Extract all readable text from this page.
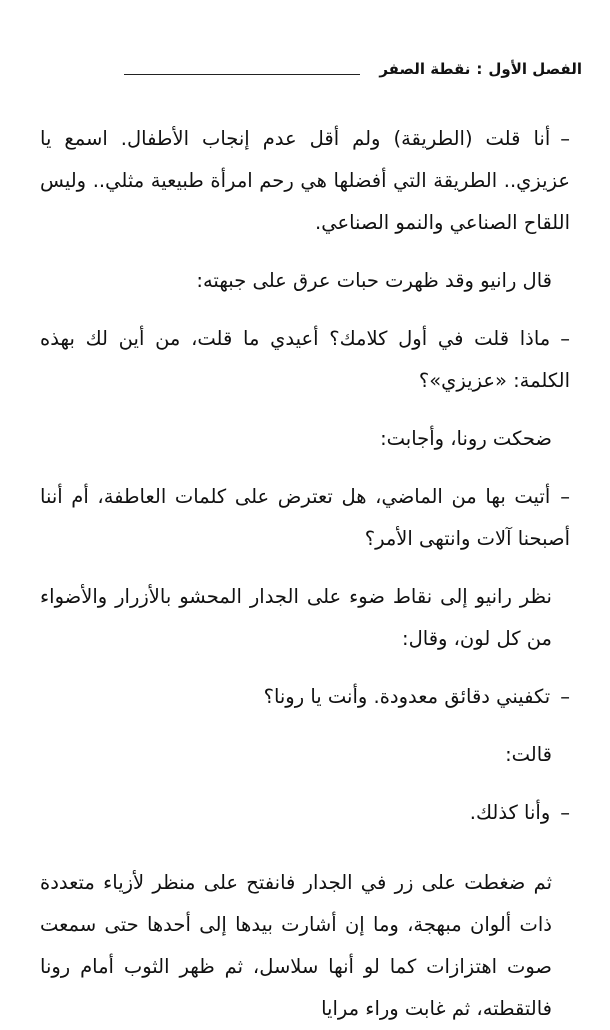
الفصل الأول
:
نقطة الصفر

–أنا قلت (الطريقة) ولم أقل عدم إنجاب الأطفال. اسمع يا عزيزي.. الطريقة التي أفضلها هي رحم امرأة طبيعية مثلي.. وليس اللقاح الصناعي والنمو الصناعي.

قال رانيو وقد ظهرت حبات عرق على جبهته:

–ماذا قلت في أول كلامك؟ أعيدي ما قلت، من أين لك بهذه الكلمة: «عزيزي»؟

ضحكت رونا، وأجابت:

–أتيت بها من الماضي، هل تعترض على كلمات العاطفة، أم أننا أصبحنا آلات وانتهى الأمر؟

نظر رانيو إلى نقاط ضوء على الجدار المحشو بالأزرار والأضواء من كل لون، وقال:

–تكفيني دقائق معدودة. وأنت يا رونا؟

قالت:

–وأنا كذلك.

ثم ضغطت على زر في الجدار فانفتح على منظر لأزياء متعددة ذات ألوان مبهجة، وما إن أشارت بيدها إلى أحدها حتى سمعت صوت اهتزازات كما لو أنها سلاسل، ثم ظهر الثوب أمام رونا فالتقطته، ثم غابت وراء مرايا
